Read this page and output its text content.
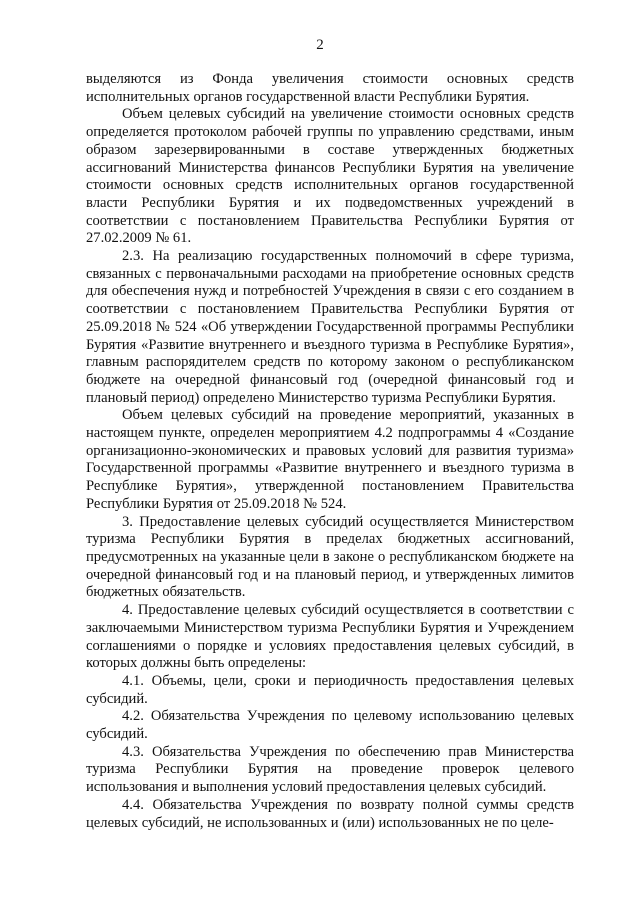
2

выделяются из Фонда увеличения стоимости основных средств исполнительных органов государственной власти Республики Бурятия.

Объем целевых субсидий на увеличение стоимости основных средств определяется протоколом рабочей группы по управлению средствами, иным образом зарезервированными в составе утвержденных бюджетных ассигнований Министерства финансов Республики Бурятия на увеличение стоимости основных средств исполнительных органов государственной власти Республики Бурятия и их подведомственных учреждений в соответствии с постановлением Правительства Республики Бурятия от 27.02.2009 № 61.

2.3. На реализацию государственных полномочий в сфере туризма, связанных с первоначальными расходами на приобретение основных средств для обеспечения нужд и потребностей Учреждения в связи с его созданием в соответствии с постановлением Правительства Республики Бурятия от 25.09.2018 № 524 «Об утверждении Государственной программы Республики Бурятия «Развитие внутреннего и въездного туризма в Республике Бурятия», главным распорядителем средств по которому законом о республиканском бюджете на очередной финансовый год (очередной финансовый год и плановый период) определено Министерство туризма Республики Бурятия.

Объем целевых субсидий на проведение мероприятий, указанных в настоящем пункте, определен мероприятием 4.2 подпрограммы 4 «Создание организационно-экономических и правовых условий для развития туризма» Государственной программы «Развитие внутреннего и въездного туризма в Республике Бурятия», утвержденной постановлением Правительства Республики Бурятия от 25.09.2018 № 524.

3. Предоставление целевых субсидий осуществляется Министерством туризма Республики Бурятия в пределах бюджетных ассигнований, предусмотренных на указанные цели в законе о республиканском бюджете на очередной финансовый год и на плановый период, и утвержденных лимитов бюджетных обязательств.

4. Предоставление целевых субсидий осуществляется в соответствии с заключаемыми Министерством туризма Республики Бурятия и Учреждением соглашениями о порядке и условиях предоставления целевых субсидий, в которых должны быть определены:

4.1. Объемы, цели, сроки и периодичность предоставления целевых субсидий.

4.2. Обязательства Учреждения по целевому использованию целевых субсидий.

4.3. Обязательства Учреждения по обеспечению прав Министерства туризма Республики Бурятия на проведение проверок целевого использования и выполнения условий предоставления целевых субсидий.

4.4. Обязательства Учреждения по возврату полной суммы средств целевых субсидий, не использованных и (или) использованных не по целе-
